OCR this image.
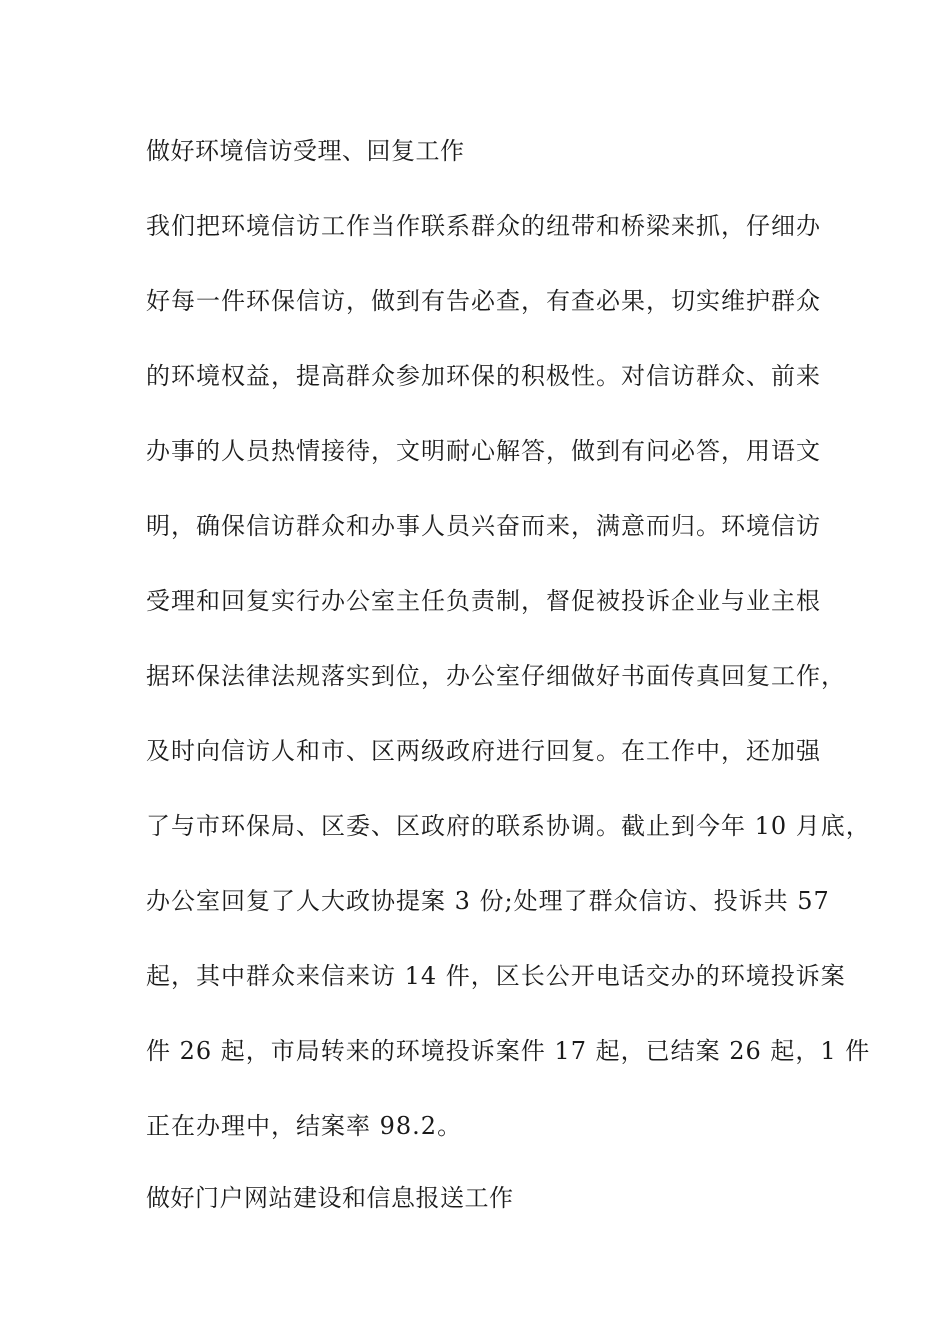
做好环境信访受理、回复工作
我们把环境信访工作当作联系群众的纽带和桥梁来抓，仔细办
好每一件环保信访，做到有告必查，有查必果，切实维护群众
的环境权益，提高群众参加环保的积极性。对信访群众、前来
办事的人员热情接待，文明耐心解答，做到有问必答，用语文
明，确保信访群众和办事人员兴奋而来，满意而归。环境信访
受理和回复实行办公室主任负责制，督促被投诉企业与业主根
据环保法律法规落实到位，办公室仔细做好书面传真回复工作，
及时向信访人和市、区两级政府进行回复。在工作中，还加强
了与市环保局、区委、区政府的联系协调。截止到今年 10 月底，
办公室回复了人大政协提案 3 份;处理了群众信访、投诉共 57
起，其中群众来信来访 14 件，区长公开电话交办的环境投诉案
件 26 起，市局转来的环境投诉案件 17 起，已结案 26 起，1 件
正在办理中，结案率 98.2。
做好门户网站建设和信息报送工作
